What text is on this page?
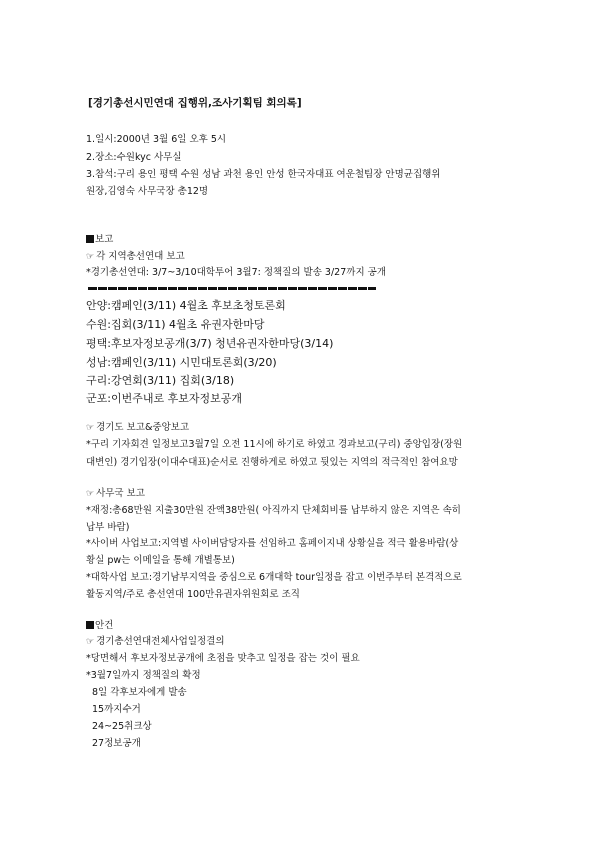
[경기총선시민연대 집행위,조사기획팀 회의록]
1.일시:2000년 3월 6일 오후 5시
2.장소:수원kyc 사무실
3.참석:구리 용인 평택 수원 성남 과천 용인 안성 한국자대표 여운철팀장 안명균집행위
원장,김영숙 사무국장 총12명
보고
☞ 각 지역총선연대 보고
*경기총선연대: 3/7~3/10대학투어 3월7: 정책질의 발송 3/27까지 공개
안양:캠페인(3/11) 4월초 후보초청토론회
수원:집회(3/11) 4월초 유권자한마당
평택:후보자정보공개(3/7) 청년유권자한마당(3/14)
성남:캠페인(3/11) 시민대토론회(3/20)
구리:강연회(3/11) 집회(3/18)
군포:이번주내로 후보자정보공개
☞ 경기도 보고&중앙보고
*구리 기자회견 일정보고3월7일 오전 11시에 하기로 하였고 경과보고(구리) 중앙입장(장원
대변인) 경기입장(이대수대표)순서로 진행하게로 하였고 뒷있는 지역의 적극적인 참여요망
☞ 사무국 보고
*재정:총68만원 지출30만원 잔액38만원( 아직까지 단체회비를 납부하지 않은 지역은 속히
납부 바람)
*사이버 사업보고:지역별 사이버담당자를 선임하고 홈페이지내 상황실을 적극 활용바람(상
황실 pw는 이메일을 통해 개별통보)
*대학사업 보고:경기남부지역을 중심으로 6개대학 tour일정을 잡고 이번주부터 본격적으로
활동지역/주로 총선연대 100만유권자위원회로 조직
안건
☞ 경기총선연대전체사업일정결의
*당면해서 후보자정보공개에 초점을 맞추고 일정을 잡는 것이 필요
*3월7일까지 정책질의 확정
8일 각후보자에게 발송
15까지수거
24~25취크상
27정보공개
